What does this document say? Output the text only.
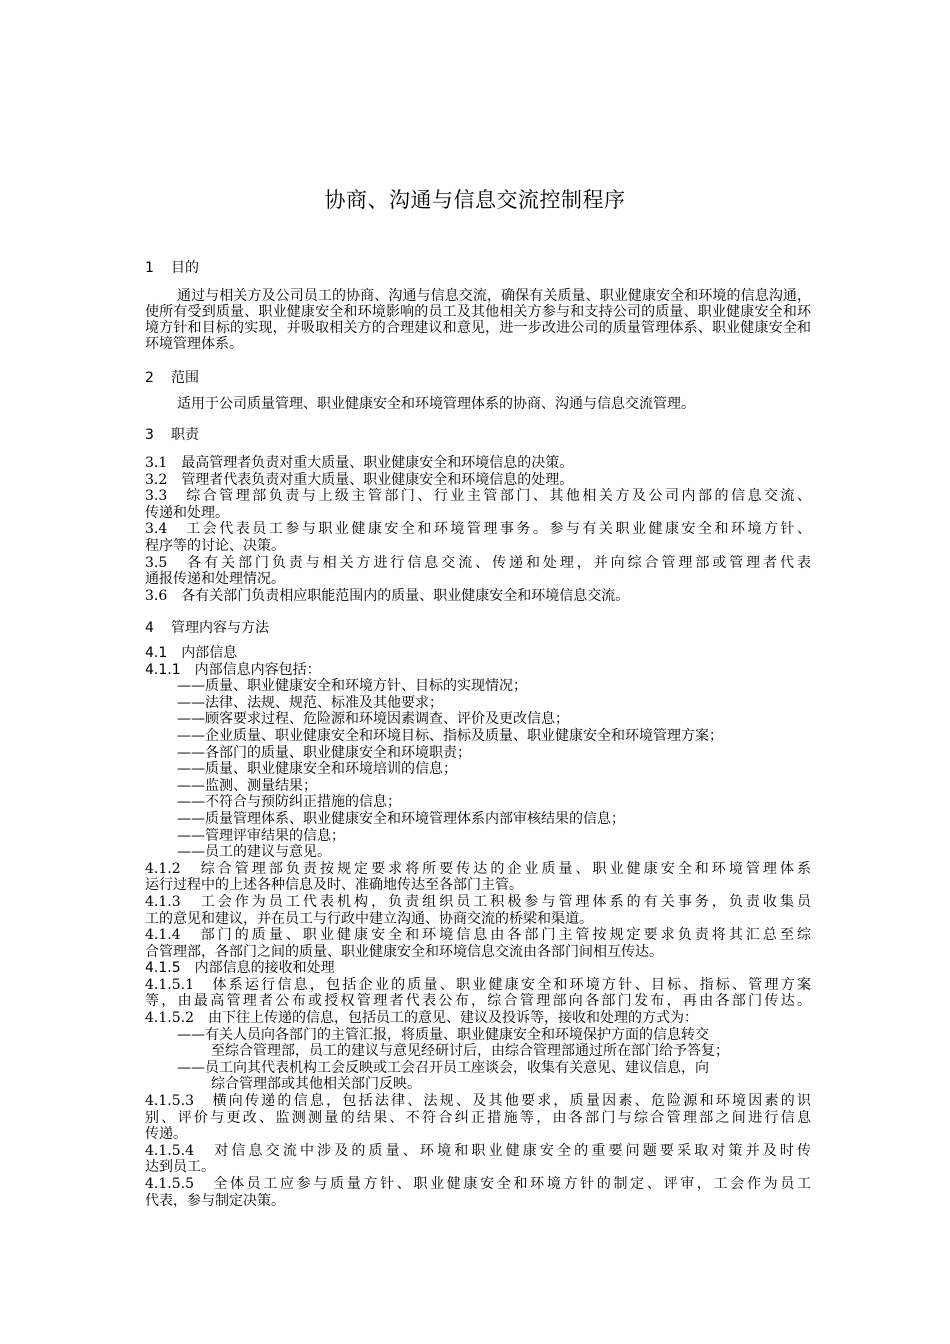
协商、沟通与信息交流控制程序
1 目的
通过与相关方及公司员工的协商、沟通与信息交流，确保有关质量、职业健康安全和环境的信息沟通，使所有受到质量、职业健康安全和环境影响的员工及其他相关方参与和支持公司的质量、职业健康安全和环境方针和目标的实现，并吸取相关方的合理建议和意见，进一步改进公司的质量管理体系、职业健康安全和环境管理体系。
2 范围
适用于公司质量管理、职业健康安全和环境管理体系的协商、沟通与信息交流管理。
3 职责
3.1　最高管理者负责对重大质量、职业健康安全和环境信息的决策。
3.2　管理者代表负责对重大质量、职业健康安全和环境信息的处理。
3.3　综合管理部负责与上级主管部门、行业主管部门、其他相关方及公司内部的信息交流、
传递和处理。
3.4　工会代表员工参与职业健康安全和环境管理事务。参与有关职业健康安全和环境方针、
程序等的讨论、决策。
3.5　各有关部门负责与相关方进行信息交流、传递和处理，并向综合管理部或管理者代表
通报传递和处理情况。
3.6　各有关部门负责相应职能范围内的质量、职业健康安全和环境信息交流。
4 管理内容与方法
4.1　内部信息
4.1.1　内部信息内容包括：
——质量、职业健康安全和环境方针、目标的实现情况；
——法律、法规、规范、标准及其他要求；
——顾客要求过程、危险源和环境因素调查、评价及更改信息；
——企业质量、职业健康安全和环境目标、指标及质量、职业健康安全和环境管理方案；
——各部门的质量、职业健康安全和环境职责；
——质量、职业健康安全和环境培训的信息；
——监测、测量结果；
——不符合与预防纠正措施的信息；
——质量管理体系、职业健康安全和环境管理体系内部审核结果的信息；
——管理评审结果的信息；
——员工的建议与意见。
4.1.2　综合管理部负责按规定要求将所要传达的企业质量、职业健康安全和环境管理体系
运行过程中的上述各种信息及时、准确地传达至各部门主管。
4.1.3　工会作为员工代表机构，负责组织员工积极参与管理体系的有关事务，负责收集员
工的意见和建议，并在员工与行政中建立沟通、协商交流的桥梁和渠道。
4.1.4　部门的质量、职业健康安全和环境信息由各部门主管按规定要求负责将其汇总至综
合管理部，各部门之间的质量、职业健康安全和环境信息交流由各部门间相互传达。
4.1.5　内部信息的接收和处理
4.1.5.1　体系运行信息，包括企业的质量、职业健康安全和环境方针、目标、指标、管理方案
等，由最高管理者公布或授权管理者代表公布，综合管理部向各部门发布，再由各部门传达。
4.1.5.2　由下往上传递的信息，包括员工的意见、建议及投诉等，接收和处理的方式为：
——有关人员向各部门的主管汇报，将质量、职业健康安全和环境保护方面的信息转交
至综合管理部，员工的建议与意见经研讨后，由综合管理部通过所在部门给予答复；
——员工向其代表机构工会反映或工会召开员工座谈会，收集有关意见、建议信息，向
综合管理部或其他相关部门反映。
4.1.5.3　横向传递的信息，包括法律、法规、及其他要求，质量因素、危险源和环境因素的识
别、评价与更改、监测测量的结果、不符合纠正措施等，由各部门与综合管理部之间进行信息
传递。
4.1.5.4　对信息交流中涉及的质量、环境和职业健康安全的重要问题要采取对策并及时传
达到员工。
4.1.5.5　全体员工应参与质量方针、职业健康安全和环境方针的制定、评审，工会作为员工
代表，参与制定决策。
